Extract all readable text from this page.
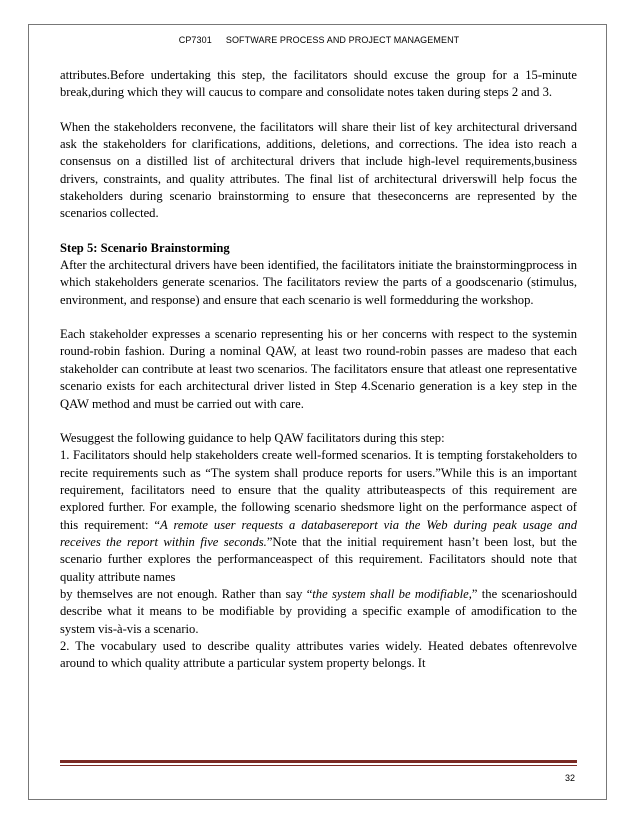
CP7301 SOFTWARE PROCESS AND PROJECT MANAGEMENT

attributes.Before undertaking this step, the facilitators should excuse the group for a 15-minute break,during which they will caucus to compare and consolidate notes taken during steps 2 and 3.

When the stakeholders reconvene, the facilitators will share their list of key architectural driversand ask the stakeholders for clarifications, additions, deletions, and corrections. The idea isto reach a consensus on a distilled list of architectural drivers that include high-level requirements,business drivers, constraints, and quality attributes. The final list of architectural driverswill help focus the stakeholders during scenario brainstorming to ensure that theseconcerns are represented by the scenarios collected.

Step 5: Scenario Brainstorming

After the architectural drivers have been identified, the facilitators initiate the brainstormingprocess in which stakeholders generate scenarios. The facilitators review the parts of a goodscenario (stimulus, environment, and response) and ensure that each scenario is well formedduring the workshop.

Each stakeholder expresses a scenario representing his or her concerns with respect to the systemin round-robin fashion. During a nominal QAW, at least two round-robin passes are madeso that each stakeholder can contribute at least two scenarios. The facilitators ensure that atleast one representative scenario exists for each architectural driver listed in Step 4.Scenario generation is a key step in the QAW method and must be carried out with care.

Wesuggest the following guidance to help QAW facilitators during this step:

1. Facilitators should help stakeholders create well-formed scenarios. It is tempting forstakeholders to recite requirements such as “The system shall produce reports for users.”While this is an important requirement, facilitators need to ensure that the quality attributeaspects of this requirement are explored further. For example, the following scenario shedsmore light on the performance aspect of this requirement: “A remote user requests a databasereport via the Web during peak usage and receives the report within five seconds.”Note that the initial requirement hasn’t been lost, but the scenario further explores the performanceaspect of this requirement. Facilitators should note that quality attribute names

by themselves are not enough. Rather than say “the system shall be modifiable,” the scenarioshould describe what it means to be modifiable by providing a specific example of amodification to the system vis-à-vis a scenario.

2. The vocabulary used to describe quality attributes varies widely. Heated debates oftenrevolve around to which quality attribute a particular system property belongs. It

32
